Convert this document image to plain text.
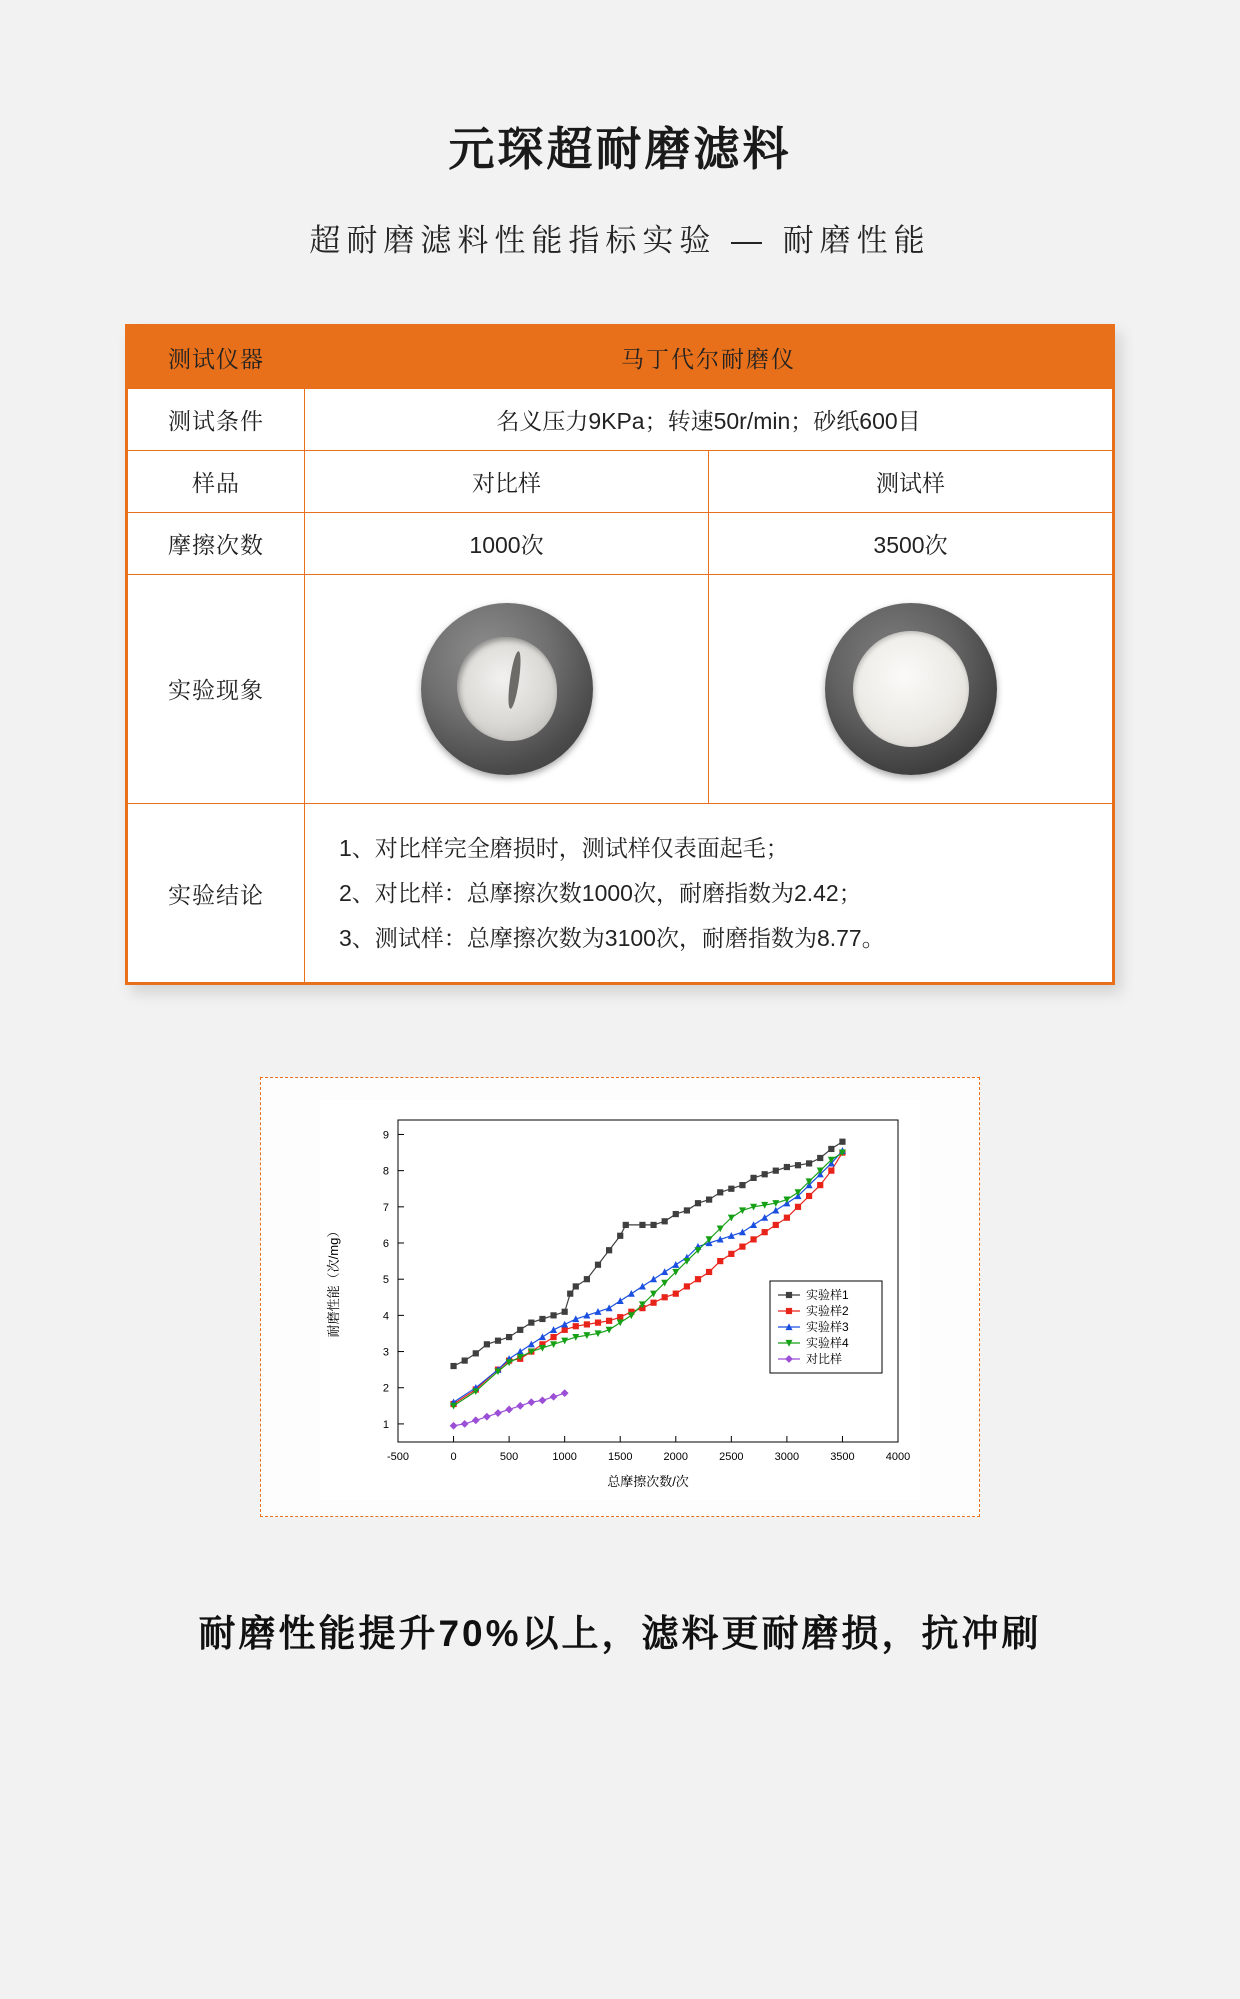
元琛超耐磨滤料
超耐磨滤料性能指标实验 — 耐磨性能
测试仪器	马丁代尔耐磨仪	
测试条件	名义压力9KPa；转速50r/min；砂纸600目	
样品	对比样	测试样
摩擦次数	1000次	3500次
实验现象	

实验结论	1、对比样完全磨损时，测试样仅表面起毛；
2、对比样：总摩擦次数1000次，耐磨指数为2.42；
3、测试样：总摩擦次数为3100次，耐磨指数为8.77。	
-500	0	500	1000	1500	2000	2500	3000	3500	4000
1
2
3
4
5
6
7
8
9
总摩擦次数/次
耐磨性能（次/mg）	实验样1
实验样2
实验样3
实验样4
对比样
耐磨性能提升70%以上，滤料更耐磨损，抗冲刷
